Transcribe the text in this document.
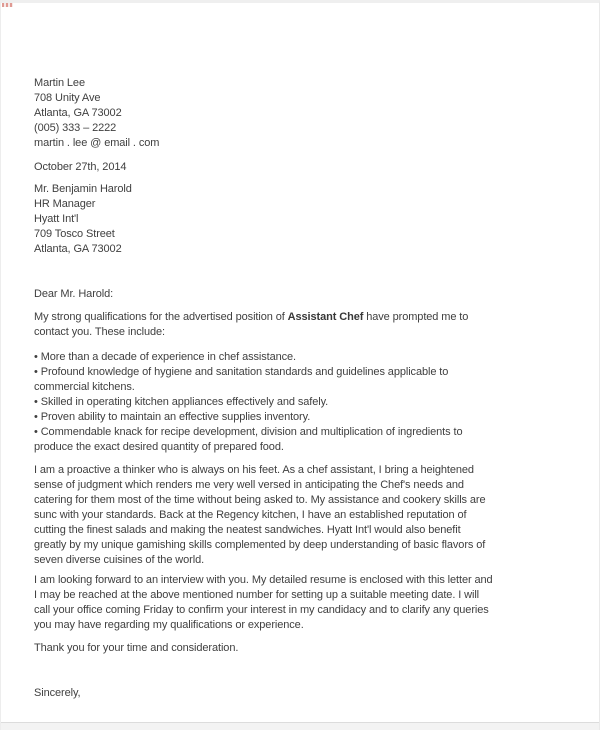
Martin Lee
708 Unity Ave
Atlanta, GA 73002
(005) 333 – 2222
martin . lee @ email . com
October 27th, 2014
Mr. Benjamin Harold
HR Manager
Hyatt Int'l
709 Tosco Street
Atlanta, GA 73002
Dear Mr. Harold:
My strong qualifications for the advertised position of Assistant Chef have prompted me to
contact you. These include:
• More than a decade of experience in chef assistance.
• Profound knowledge of hygiene and sanitation standards and guidelines applicable to
commercial kitchens.
• Skilled in operating kitchen appliances effectively and safely.
• Proven ability to maintain an effective supplies inventory.
• Commendable knack for recipe development, division and multiplication of ingredients to
produce the exact desired quantity of prepared food.
I am a proactive a thinker who is always on his feet. As a chef assistant, I bring a heightened
sense of judgment which renders me very well versed in anticipating the Chef's needs and
catering for them most of the time without being asked to. My assistance and cookery skills are
sunc with your standards. Back at the Regency kitchen, I have an established reputation of
cutting the finest salads and making the neatest sandwiches. Hyatt Int'l would also benefit
greatly by my unique gamishing skills complemented by deep understanding of basic flavors of
seven diverse cuisines of the world.
I am looking forward to an interview with you. My detailed resume is enclosed with this letter and
I may be reached at the above mentioned number for setting up a suitable meeting date. I will
call your office coming Friday to confirm your interest in my candidacy and to clarify any queries
you may have regarding my qualifications or experience.
Thank you for your time and consideration.
Sincerely,
